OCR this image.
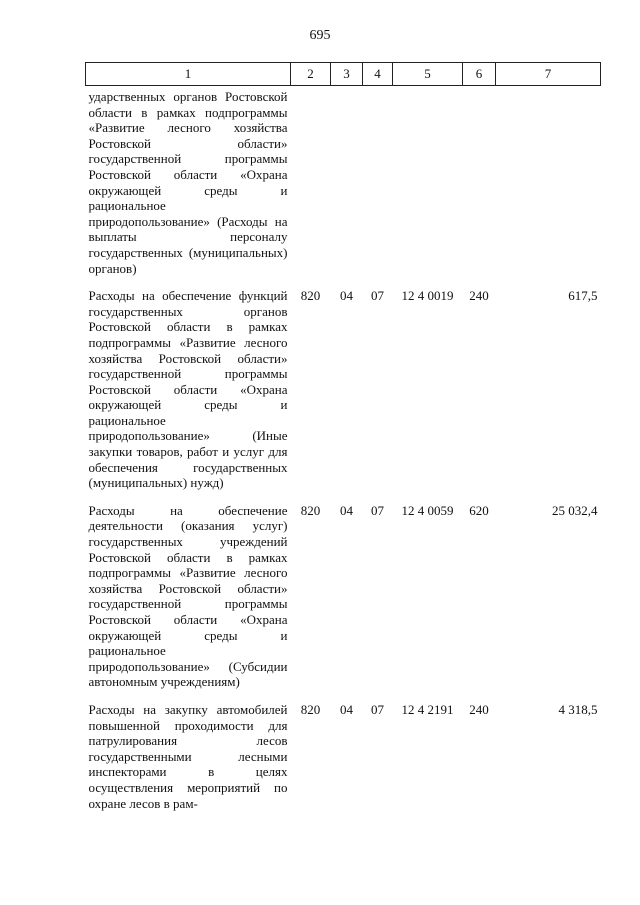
695
1	2	3	4	5	6	7
ударственных органов Ростовской области в рамках подпрограммы «Развитие лесного хозяйства Ростовской области» государственной программы Ростовской области «Охрана окружающей среды и рациональное природопользование» (Расходы на выплаты персоналу государственных (муниципальных) органов)						
Расходы на обеспечение функций государственных органов Ростовской области в рамках подпрограммы «Развитие лесного хозяйства Ростовской области» государственной программы Ростовской области «Охрана окружающей среды и рациональное природопользование» (Иные закупки товаров, работ и услуг для обеспечения государственных (муниципальных) нужд)	820	04	07	12 4 0019	240	617,5
Расходы на обеспечение деятельности (оказания услуг) государственных учреждений Ростовской области в рамках подпрограммы «Развитие лесного хозяйства Ростовской области» государственной программы Ростовской области «Охрана окружающей среды и рациональное природопользование» (Субсидии автономным учреждениям)	820	04	07	12 4 0059	620	25 032,4
Расходы на закупку автомобилей повышенной проходимости для патрулирования лесов государственными лесными инспекторами в целях осуществления мероприятий по охране лесов в рам-	820	04	07	12 4 2191	240	4 318,5
